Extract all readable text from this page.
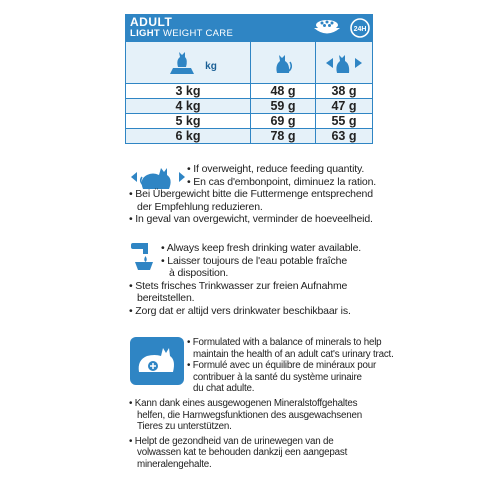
ADULT
LIGHT WEIGHT CARE	24H
$_{kg}$		
3 kg	48 g	38 g
4 kg	59 g	47 g
5 kg	69 g	55 g
6 kg	78 g	63 g
• If overweight, reduce feeding quantity.
• En cas d'embonpoint, diminuez la ration.
• Bei Übergewicht bitte die Futtermenge entsprechend
der Empfehlung reduzieren.
• In geval van overgewicht, verminder de hoeveelheid.
• Always keep fresh drinking water available.
• Laisser toujours de l'eau potable fraîche
à disposition.
• Stets frisches Trinkwasser zur freien Aufnahme
bereitstellen.
• Zorg dat er altijd vers drinkwater beschikbaar is.
• Formulated with a balance of minerals to help
maintain the health of an adult cat's urinary tract.
• Formulé avec un équilibre de minéraux pour
contribuer à la santé du système urinaire
du chat adulte.
• Kann dank eines ausgewogenen Mineralstoffgehaltes
helfen, die Harnwegsfunktionen des ausgewachsenen
Tieres zu unterstützen.
• Helpt de gezondheid van de urinewegen van de
volwassen kat te behouden dankzij een aangepast
mineralengehalte.
